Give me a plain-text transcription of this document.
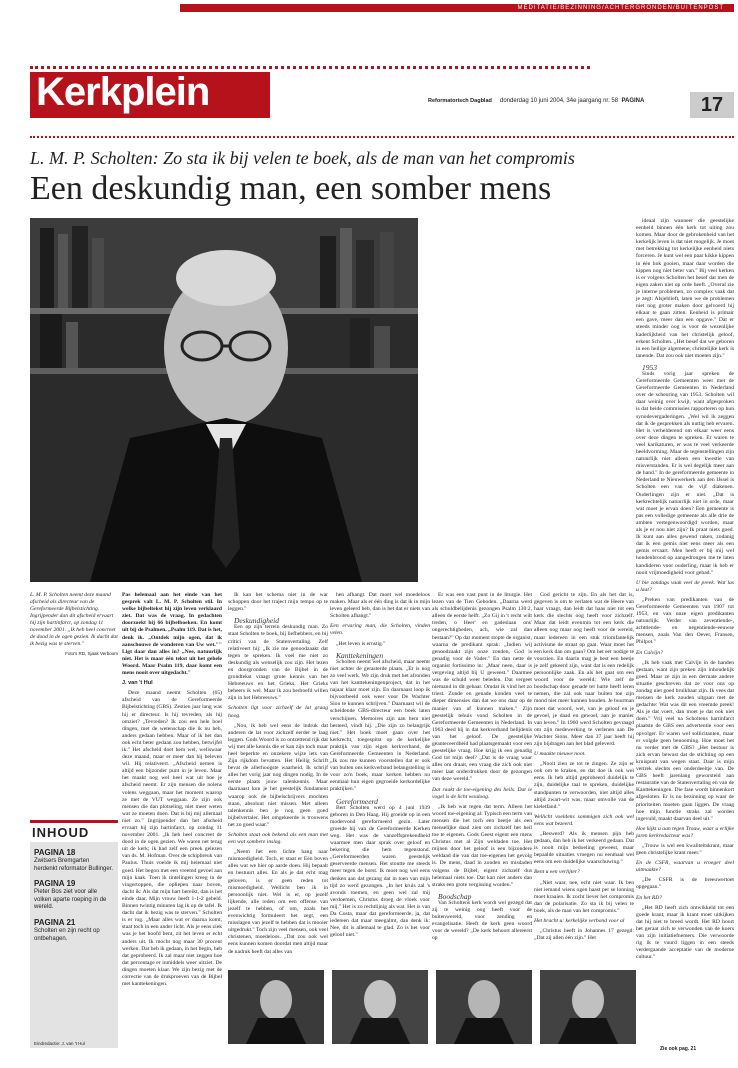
MEDITATIE/BEZINNING/ACHTERGRONDEN/BUITENPOST
Kerkplein	Reformatorisch Dagblad donderdag 10 juni 2004, 34e jaargang nr. 58 PAGINA	17
L. M. P. Scholten: Zo sta ik bij velen te boek, als de man van het compromis
Een deskundig man, een somber mens

L. M. P. Scholten neemt deze maand afscheid als directeur van de Gereformeerde Bijbelstichting. Ingrijpender dan dit afscheid ervaart hij zijn hartinfarct, op zondag 11 november 2001. „Ik heb heel concreet de dood in de ogen gezien. Ik dacht dat ik bezig was te sterven."

Foto's RD, Sjaak Verboom

INHOUD
PAGINA 18
Zwitsers Bremgarten herdenkt reformator Bullinger.
PAGINA 19
Pieter Bos ziet voor alle volken aparte roeping in de wereld.
PAGINA 21
Scholten en zijn recht op ontbehagen.
Eindredactie: J. van 't Hul

Pas helemaal aan het einde van het gesprek valt L. M. P. Scholten stil. In welke bijbeltekst hij zijn leven verklaard ziet. Dat was de vraag. In gedachten doorzoekt hij 66 bijbelboeken. En komt uit bij de Psalmen. „Psalm 119. Dat is het, denk ik. „Ontdek mijn ogen, dat ik aanschouwe de wonderen van Uw wet."" Ligt daar dan alles in? „Nee, natuurlijk niet. Het is maar één tekst uit het gehele Woord. Maar Psalm 119, daar komt een mens nooit over uitgedacht."

J. van 't Hul

Deze maand neemt Scholten (65) afscheid van de Gereformeerde Bijbelstichting (GBS). Zestien jaar lang was hij er directeur. Is hij tevreden, als hij omziet? „Tevreden? Ik zou een hele boel dingen, met de wetenschap die ik nu heb, anders gedaan hebben. Maar of ik het dan ook echt beter gedaan zou hebben, betwijfel ik." Het afscheid doet hem wel, weliswaar deze maand, maar er meer dan hij beleven wil. Hij relativeert. „Afscheid nemen is altijd een bijzonder punt in je leven. Maar het maakt nog wel heel wat uit hoe je afscheid neemt. Er zijn mensen die nolens volens weggaan, maar het moment waarop ze met de VUT weggaan. Ze zijn ook mensen die dan plotseling, niet meer weten wat ze moeten doen. Dat is bij mij allemaal niet zo." Ingrijpender dan het afscheid ervaart hij zijn hartinfarct, op zondag 11 november 2001. „Ik heb heel concreet de dood in de ogen gezien. We waren net terug uit de kerk; ik had zelf een preek gelezen van ds. M. Hofman. Over de schipbreuk van Paulus. Thuis voelde ik mij helemaal niet goed. Het begon met een vreemd gevoel aan mijn kaak. Toen ik tintelingen kreeg in de vingertoppen, die opliepen naar boven, dacht ik: Als dat mijn hart bereikt, dan is het einde daar. Mijn vrouw heeft 1-1-2 gebeld. Binnen twintig minuten lag ik op de tafel. Ik dacht dat ik bezig was te sterven." Scholten is er rog. „Maar alles wat er daarna komt, staat toch in een ander licht. Als je eens ziek was je het hoofd bent, zit het leven er echt anders uit. Ik mocht nog maar 30 procent werken. Dat heb ik gedaan, in het begin, heb dat geprobeerd. Ik zal maar niet zeggen hoe dat percentage er inmiddels weer uitziet. De dingen moeten klaar. We zijn bezig met de correctie van de drukproeven van de Bijbel met kanttekeningen.

Ik kan het schema niet in de war schoppen door het traject mijn tempo op te leggen."

Deskundigheid

Een op zijn terrein deskundig man. Zo staat Scholten te boek, bij liefhebbers, en bij critici van de Statenvertaling. Zelf relativeert hij: „Ik zie me genoodzaakt dat tegen te spreken. Ik voel me niet zo deskundig als wenselijk zou zijn. Het lezen en doorgronden van de Bijbel in de grondtekst vraagt grote kennis van het Hebreeuws en het Grieks. Het Grieks beheers ik wel. Maar ik zou bedroefd willen zijn in het Hebreeuws."

Scholten ligt voor zichzelf de lat graag hoog.

„Nou, ik heb wel eens de indruk dat anderen de lat voor zichzelf eerder te laag leggen. Gods Woord is zo ontzettend rijk dat wij met alle kennis die er kan zijn toch maar heel beperkte en onzekere wijze iets van Zijn rijkdom bevatten. Het Heilig Schrift bevat de allerhoogste waarheid. Ik schrijf alles het vorig jaar nog dingen nodig. In de eerste plaats jouw talenkennis. Maar daarnaast kun je het geestelijk fundament waarop ook de bijbelschrijvers mochten staan, absoluut niet missen. Met alleen talenkennis ben je nog geen goed bijbelvertaler. Het omgekeerde is trouwens net zo goed waar."

Scholten staat ook bekend als een man met een wat sombere inslag.

„Neem het een lichte hang naar mismoedigheid. Toch, er staat er Eén boven alles wat we hier op aarde doen. Hij bepaalt en bestuurt alles. En als je dat echt mag geloven, is er geen reden tot mismoedigheid. Wellicht ben ik in persoonlijk niet. Wel is er, op jezelf lijkende, alle reden om een offense van jezelf te hebben, of om, zoals het evenwichtig formuleert het zegt, een misslagen van jezelf te hebben dat is mooier uitgedrukt." Toch zijn veel mensen, ook veel christenen, moedeloos. „Dat zou ook wel eens kunnen komen doordat men altijd maar de nadruk heeft dat alles van

hen afhangt. Dat moet wel moedeloos maken. Maar als er één ding is dat ik in mijn leven geleerd heb, dan is het dat er niets van Scholten afhangt."

Een ervaring man, die Scholten, vinden velen.

„Het leven is ernstig."

Kanttekeningen

Scholten neemt wel afscheid, maar neemt niet achter de gerasterde plaats. „Er is nog zo veel werk. We zijn druk met het afronden van het kanttekeningenproject, dat in het najaar klaar moet zijn. En daarnaast loop ik bijvoorbeeld ook weer voor De Wachter Sion te kunnen schrijven." Daarnaast wil de scheidende GBS-directeur een boek laten verschijnen. Memoires zijn aan hem niet besteed, vindt hij. „Die zijn zo belangrijk niet." Het boek moet gaan over het kerkrecht, toegespitst op de kerkelijke praktijk van zijn eigen kerkverband, de Gereformeerde Gemeenten in Nederland. „Ik zou me kunnen voorstellen dat er ook van buiten ons kerkverband belangstelling is voor zo'n boek, maar kerken hebben nu eenmaal hun eigen gegroeide kerkordelijke praktijken."

Gereformeerd

Bert Scholten werd op 4 juni 1939 geboren in Den Haag. Hij groeide op in een modervond gereformeerd gezin. Later groeide hij van de Gereformeerde Kerken weg. Het was de vanzelfsprekendheid waarmee men daar sprak over geloof en bekering die hem tegenstond. „Gereformeerden waren geestelijk geserveerde mensen. Het stoutte me steeds meer tegen de borst. Ik moet nog wel eens denken aan dat gezang dat in toen van mijn tijd zo werd gezongen. „In het kruis zal 's avonds roemen, en geen wel zal mij verdoemen, Christus droeg de vloek voor mij." Het is zo rechtlijnig als wat. Het is van Da Costa, maar dat gereformeerde, ja, dat iedereen dat maar meegalmt, dan denk ik: Nee, dit is allemaal te glad. Zo is het voor geloof niet."

Er was een vast punt in de liturgie. Het lezen van de Tien Geboden. „Daarna werd als schuldbelijdenis gezongen Psalm 130:2, alleen de eerste helft. „Zo Gij in 't recht wilt treden, o Heer' en gadeslaan ons' ongerechtigheden, ach, wie zal dan bestaan?" Op dat moment stopte de organist, waarna de predikant sprak: „Indien wij genoodzaakt zijn onze zonden, God is genadig voor de Vader." En dan nette de organist fortissimo in: „Maar neen, daar is vergeving altijd bij U geweest." Daarmee was de schuld weer beleden. Dat vergeet niemand in dit gebaar. Omdat ik vind het zo triest. Zonde en genade konden veel te dieper dimensies dan dat we ons daar op de manier van af kunnen maken." Zijn geestelijk tehuis vond Scholten in de Gereformeerde Gemeenten in Nederland. In 1963 deed hij in dat kerkverband belijdenis van het geloof. De geestelijke geanteceerdheid had plaatsgemaakt voor een geestelijke vraag. Hoe krijg ik een genadig God tot mijn deel? „Dat is de vraag waar alles om draait, een vraag die zich ook niet meer laat onderdrukken door de gezongen van deze wereld."

Dat raakt de toe-eigening des heils. Dat ie vogel is de licht wouloog.

„Ik heb wat tegen dat term. Alleen het woord toe-eigening al: Typisch een term van mensen die het toch een beetje als een menselijke daad zien om zichzelf het heil toe te eigenen. Gods Geest eigent een mens Christus met al Zijn weldaden toe. Het mijnen door het geloof is een bijzondere weldaad die van dat toe-eigenen het gevolg is. De mens, daad in zonden en misdaden volgens de Bijbel, eigent zichzelf dus helemaal niets toe. Dat kan niet anders dan straks een grote vergissing worden."

Boodschap

Van Scholtens kerk wordt wel gezegd dat zij te weinig oog heeft voor de buitenwereld, voor zending en evangelisatie. Heeft de kerk geen woord voor de wereld? „De kerk behoort allereerst op

God gericht te zijn. En als het dat is, gegeven is om te verlaten wat de Heere van haar vraagt, dan leidt dat haas niet tot een kerk die slechts oog heeft voor zichzelf. Maar dat leidt evenmin tot een kerk die alleen oog maar oog heeft voor de wereld, maar iedereen in een stuk triomfantelijk activisme de straat op gaat. Waar moet het een kerk dan om gaan? Om het eer nodige te voorzien. En daarin mag je best een beetje je zelf gekeerd zijn, want dat is een redelijk persoonlijke zaak. En als het gaat om een woord voor de wereld: Wie zelf de boodschap door genade ter harte heeft leren nemen, die zal ook naar buiten toe zijn mond niet meer kunnen houden. Je buurman moet dat woord, wel, van je geloof en je gevoel, je daad en gewoel, aan je manier van leven." In 1960 werd Scholten gevraagd om zijn medewerking te verlenen aan De Wachter Sions. Meer dan 37 jaar heeft hij zijn bijdragen aan het blad geleverd.

U maakte nieuwe noot.

„Nooit zien ze tot te zingen. Ze zijn er ook om te kraken, en dat doe ik ook wel eens. Ik heb altijd geprobeerd duidelijk te zijn, duidelijke taal te spreken, duidelijke standpunten te verwoorden, niet altijd alles altijd zwart-wit was, maar omvolle van de kieletfand."

Wellicht voeldens sommigen zich ook wel eens wat bezeerd.

„Beswerd? Als ik mensen pijn heb gedaan, dan heb ik het verkeerd gedaan. Dat is nooit mijn bedoeling geweest, maar bepaalde situaties vroegen nu eenmaal wel eens om een duidelijke waarschuwing."

Bent u een verlijter?

„Niet waar, nee, echt niet waar. Ik ben niet iemand wiens ogen haast per se lonning moet kraaien. Ik zocht liever het compromis dan de polarisatie. Zo sta ik bij velen te boek, als de man van het compromis."

Het bracht u: kerkelijke verbond voor al

„Christus heeft in Johannes 17 gezegd: „Dat zij allen één zijn." Het

ideaal zijn wanneer die geestelijke eenheid binnen één kerk tot uiting zou komen. Maar door de gebrokenheid van het kerkelijk leven is dat niet mogelijk. Je moet met betrekking tot kerkelijke eenheid niets forceren. Je kunt wel een paar kikke kippen in één hok gooien, maar daar worden die kippen nog niet beter van." Bij veel kerken is er volgens Scholten het besef dat men de eigen zaken niet op orde heeft. „Overal zie je interne problemen, zo complex vaak dat je zegt: Alsjeblieft, laten we de problemen niet nog groter maken door gelvoerd bij elkaar te gaan zitten. Eenheid is primair een gave, meer dan een opgave." Dat er steeds minder oog is voor de wezenlijke kaderlijkheid van het christelijk geloof, erkent Scholten. „Het besef dat we geboren in een heilige algemene, christelijke kerk is tanende. Dat zou ook niet moeten zijn."

1953

Sinds vorig jaar spreken de Gereformeerde Gemeenten weer met de Gereformeerde Gemeenten in Nederland over de scheuring van 1953. Scholten wil daar weinig over kwijt, want afgesproken is dat beide commissies rapporteren op hun synodevergaderingen. „Wel wil ik zeggen dat ik de gesprekken als nuttig heb ervaren. Het is verhelderend om elkaar weer eens over deze dingen te spreken. Er waren te veel karikaturen, er was te veel verkeerde beeldvorming. Maar de tegenstellingen zijn natuurlijk niet alleen een kwestie van misverstanden. Er is wel degelijk meer aan de hand." In de gereformeerde gemeente in Nederland te Nieuwerkerk aan den IJssel is Scholten een van de vijf diakenen. Ouderlingen zijn er niet. „Dat is kerkrechtelijk natuurlijk niet in orde, maar wat moet je ervan doen? Een gemeente is pas een volledige gemeente als alle drie de ambten vertegenwoordigd worden, maar als je er nou niet zijn? Ik praat niets goed. Ik kunt aan alles gewend raken, zodanig dat ik een gemis niet eens meer als een gemis ervaart. Men heeft er bij mij wel hondenbrood op aangedrongen me te laten kandideren voor ouderling, maar ik heb er nooit vrijmoedigheid voor gehad."

U bie zondags vaak veel de preek. Wat las u laat?

„Preken van predikanten van de Gereformeerde Gemeenten van 1907 tot 1953, en van onze eigen predikanten natuurlijk. Verder van zeventiende-, achttiende- en negentiende-eeuwse mensen, zoals Van den Oever, Fransen, Philpot."

En Calvijn?

„Ik heb vaak met Calvijn in de handen gestaan, want zijn preken zijn inhoudelijk goed. Maar ze zijn in een dermate andere situatie geschreven dat ze voor ons op zondag niet goed bruikbaar zijn. Ik vees dat mensen de kerk zouden uitgaan met de gedachte: Wat was dit een vreemde preek! Als je dat voert, dan moet je dat ook niet doen." Vrij veel na Scholtens hartinfarct plaatste de GBS een advertentie voor een opvolger. Er waren wel sollicitanten, maar er volgde geen benoeming. Hoe moet het nu verder met de GBS? „Het bestuur is zich ervan bewust dat de stichting op een kruispunt van wegen staat. Daar is mijn vertrek slechts een onderdeeltje van. De GBS heeft jarenlang geworsteld aan restauratie van de Statenvertaling en van de Kanttekeningen. Die fase wordt binnenkort afgesloten. Er is nu bezinning op waar de prioriteiten moeten gaan liggen. De vraag hoe mijn functie straks zal worden ingevuld, maakt daarvan deel uit."

Hoe kijkt u aan tegen Trouw, waar u erlijke jaren kerkredacteur was?

„Trouw is wel een kwaliteitskrant, maar geen christelijke krant meer."

En de CSFR, waarvan u vroeger deel uitmaakte?

„De CSFR is de breeuwertoet opgegaan."

En het RD?

„Het RD heeft zich ontwikkeld tot een goede krant, maar ik krant moet uitkijken dat hij niet te breed wordt. Het RD hoort het geraat zich te verwonden van de koers van zijn initiatiefnemers. Die verwoorde rig ik te vuurd liggen in een steeds verdergaande acceptatie van de moderne cultuur."

Zie ook pag. 21
